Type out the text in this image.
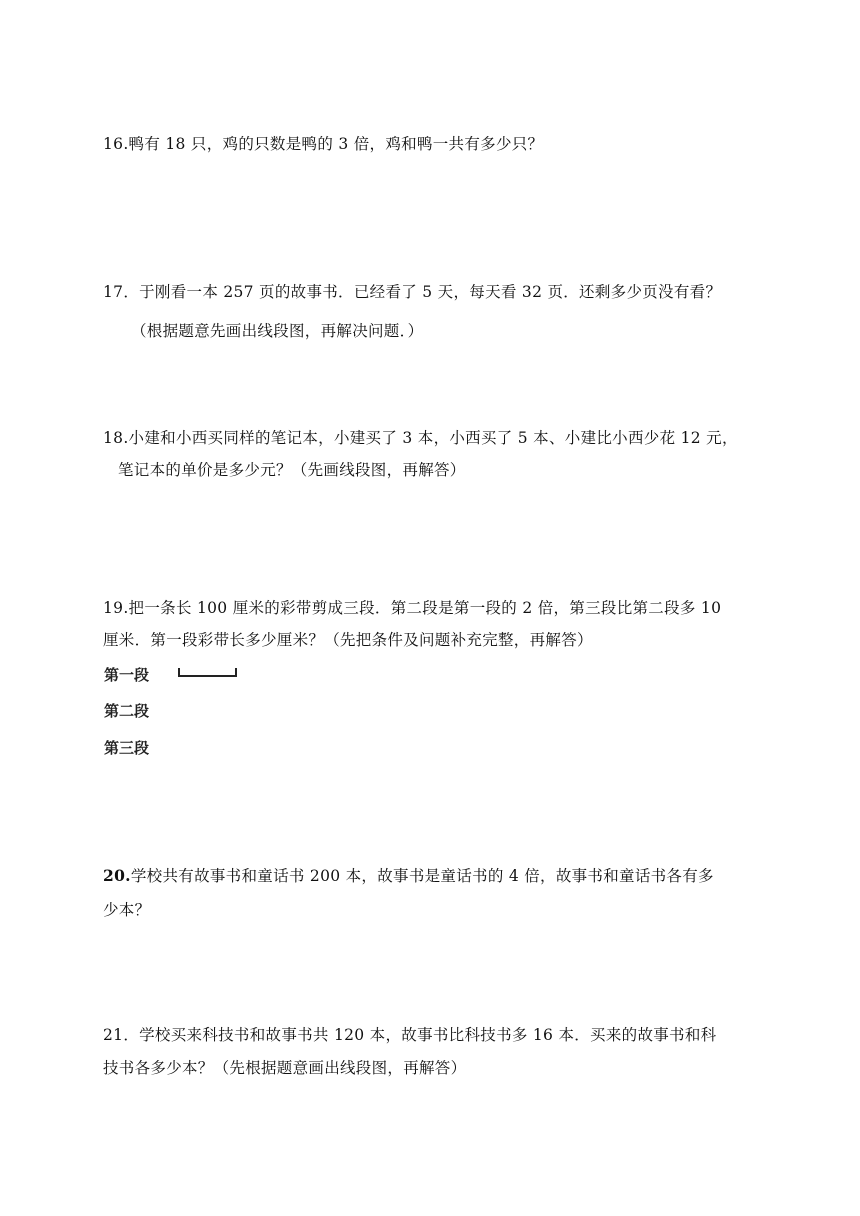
16.鸭有 18 只，鸡的只数是鸭的 3 倍，鸡和鸭一共有多少只？
17．于刚看一本 257 页的故事书．已经看了 5 天，每天看 32 页．还剩多少页没有看？
（根据题意先画出线段图，再解决问题．）
18.小建和小西买同样的笔记本，小建买了 3 本，小西买了 5 本、小建比小西少花 12 元，
笔记本的单价是多少元？（先画线段图，再解答）
19.把一条长 100 厘米的彩带剪成三段．第二段是第一段的 2 倍，第三段比第二段多 10
厘米．第一段彩带长多少厘米？（先把条件及问题补充完整，再解答）
第一段
第二段
第三段
20.学校共有故事书和童话书 200 本，故事书是童话书的 4 倍，故事书和童话书各有多
少本？
21．学校买来科技书和故事书共 120 本，故事书比科技书多 16 本．买来的故事书和科
技书各多少本？（先根据题意画出线段图，再解答）
